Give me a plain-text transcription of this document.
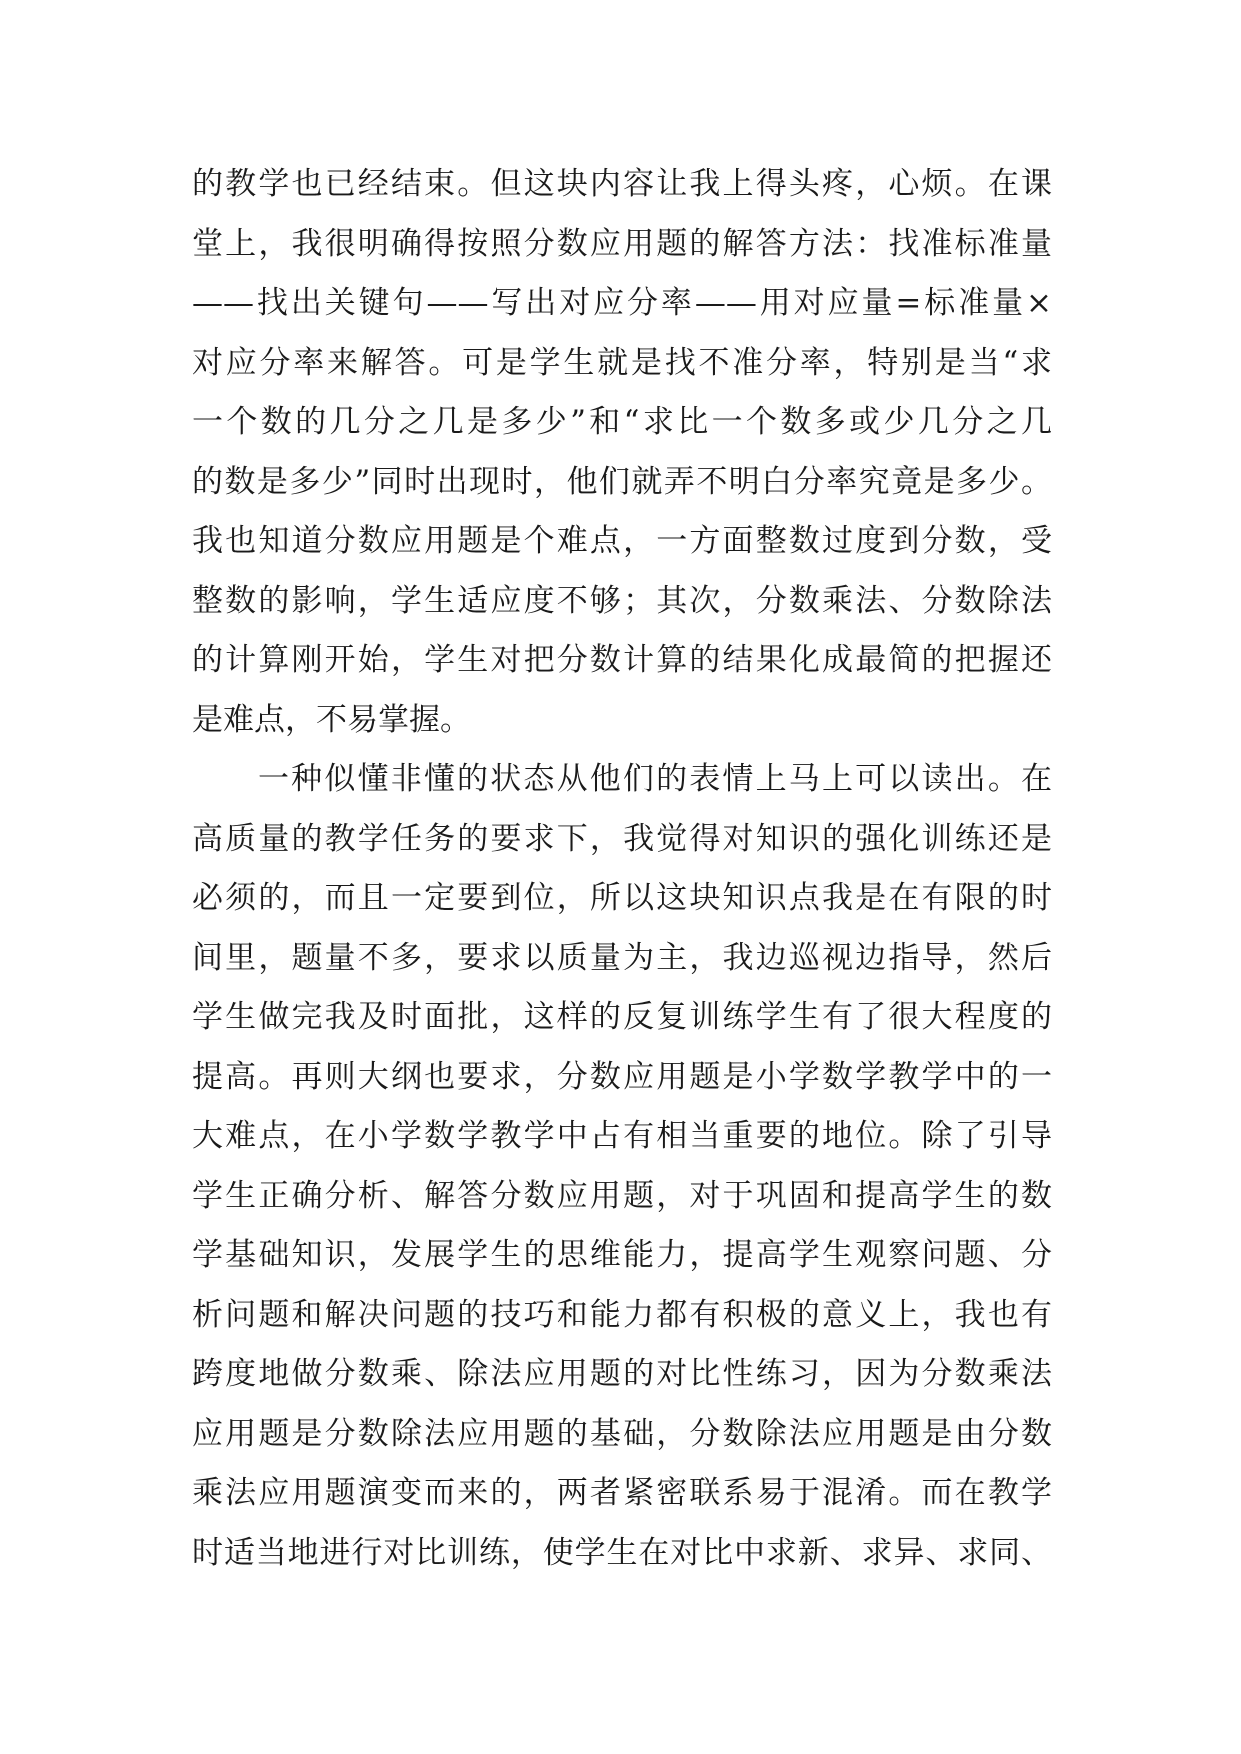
的教学也已经结束。但这块内容让我上得头疼，心烦。在课
堂上，我很明确得按照分数应用题的解答方法：找准标准量
——找出关键句——写出对应分率——用对应量=标准量×
对应分率来解答。可是学生就是找不准分率，特别是当“求
一个数的几分之几是多少”和“求比一个数多或少几分之几
的数是多少”同时出现时，他们就弄不明白分率究竟是多少。
我也知道分数应用题是个难点，一方面整数过度到分数，受
整数的影响，学生适应度不够；其次，分数乘法、分数除法
的计算刚开始，学生对把分数计算的结果化成最简的把握还
是难点，不易掌握。
一种似懂非懂的状态从他们的表情上马上可以读出。在
高质量的教学任务的要求下，我觉得对知识的强化训练还是
必须的，而且一定要到位，所以这块知识点我是在有限的时
间里，题量不多，要求以质量为主，我边巡视边指导，然后
学生做完我及时面批，这样的反复训练学生有了很大程度的
提高。再则大纲也要求，分数应用题是小学数学教学中的一
大难点，在小学数学教学中占有相当重要的地位。除了引导
学生正确分析、解答分数应用题，对于巩固和提高学生的数
学基础知识，发展学生的思维能力，提高学生观察问题、分
析问题和解决问题的技巧和能力都有积极的意义上，我也有
跨度地做分数乘、除法应用题的对比性练习，因为分数乘法
应用题是分数除法应用题的基础，分数除法应用题是由分数
乘法应用题演变而来的，两者紧密联系易于混淆。而在教学
时适当地进行对比训练，使学生在对比中求新、求异、求同、
